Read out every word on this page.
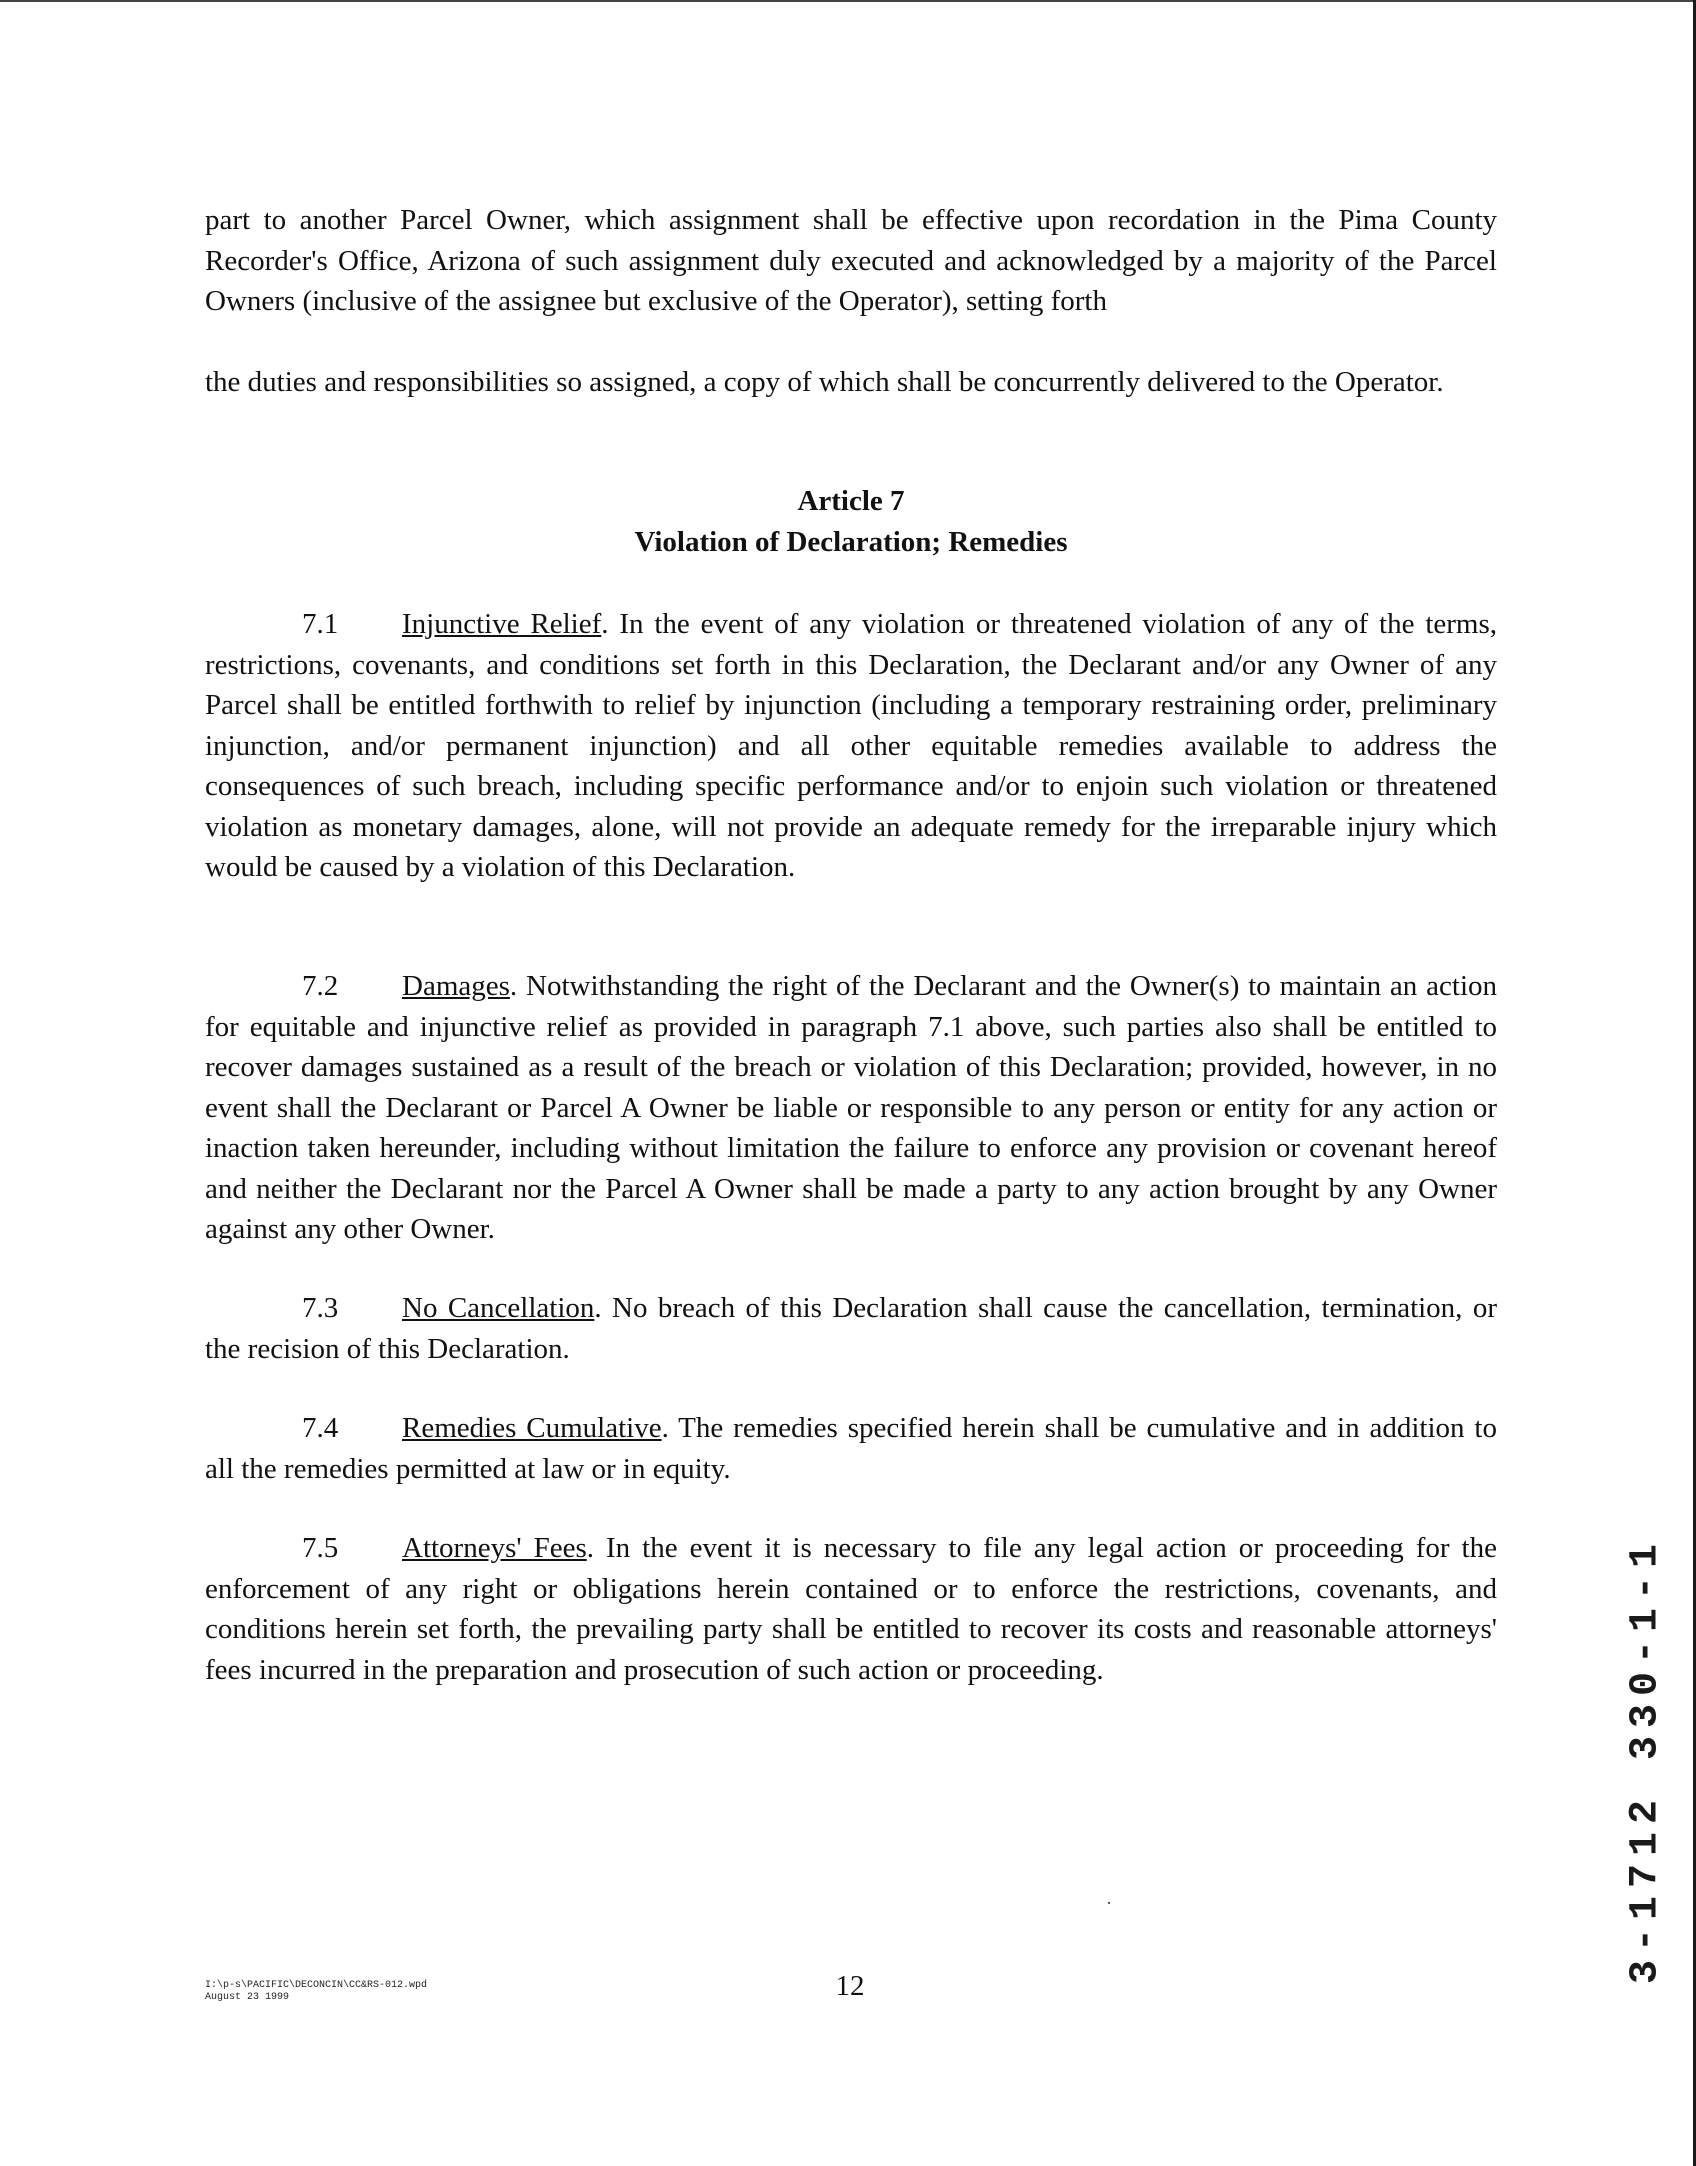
part to another Parcel Owner, which assignment shall be effective upon recordation in the Pima County Recorder's Office, Arizona of such assignment duly executed and acknowledged by a majority of the Parcel Owners (inclusive of the assignee but exclusive of the Operator), setting forth

the duties and responsibilities so assigned, a copy of which shall be concurrently delivered to the Operator.

Article 7

Violation of Declaration; Remedies

7.1 Injunctive Relief. In the event of any violation or threatened violation of any of the terms, restrictions, covenants, and conditions set forth in this Declaration, the Declarant and/or any Owner of any Parcel shall be entitled forthwith to relief by injunction (including a temporary restraining order, preliminary injunction, and/or permanent injunction) and all other equitable remedies available to address the consequences of such breach, including specific performance and/or to enjoin such violation or threatened violation as monetary damages, alone, will not provide an adequate remedy for the irreparable injury which would be caused by a violation of this Declaration.

7.2 Damages. Notwithstanding the right of the Declarant and the Owner(s) to maintain an action for equitable and injunctive relief as provided in paragraph 7.1 above, such parties also shall be entitled to recover damages sustained as a result of the breach or violation of this Declaration; provided, however, in no event shall the Declarant or Parcel A Owner be liable or responsible to any person or entity for any action or inaction taken hereunder, including without limitation the failure to enforce any provision or covenant hereof and neither the Declarant nor the Parcel A Owner shall be made a party to any action brought by any Owner against any other Owner.

7.3 No Cancellation. No breach of this Declaration shall cause the cancellation, termination, or the recision of this Declaration.

7.4 Remedies Cumulative. The remedies specified herein shall be cumulative and in addition to all the remedies permitted at law or in equity.

7.5 Attorneys' Fees. In the event it is necessary to file any legal action or proceeding for the enforcement of any right or obligations herein contained or to enforce the restrictions, covenants, and conditions herein set forth, the prevailing party shall be entitled to recover its costs and reasonable attorneys' fees incurred in the preparation and prosecution of such action or proceeding.	3-1712 330-1-1
I:\p-s\PACIFIC\DECONCIN\CC&RS-012.wpd
August 23 1999	12
